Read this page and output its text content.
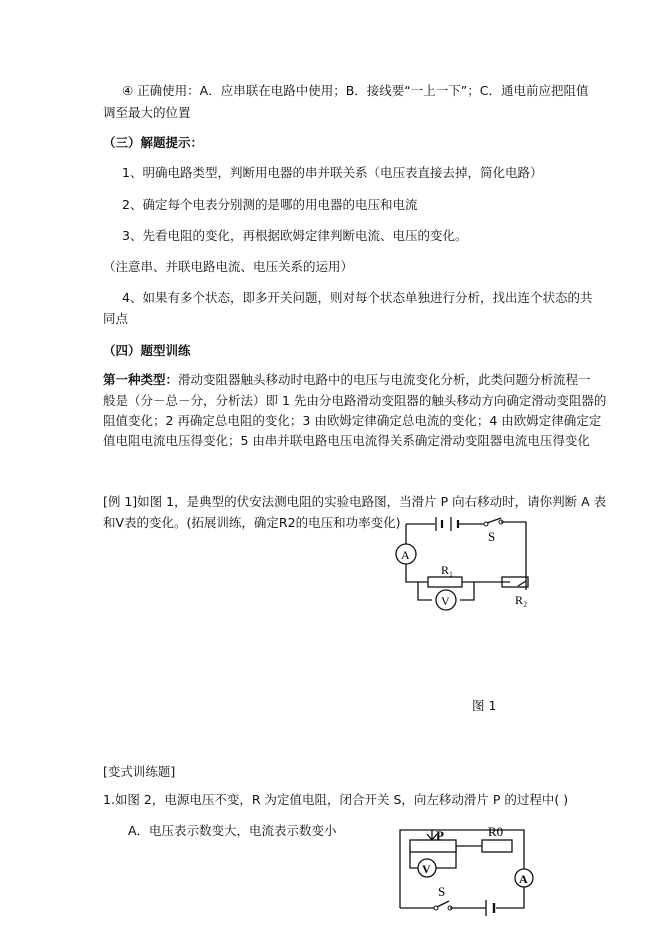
④ 正确使用：A．应串联在电路中使用；B．接线要“一上一下”；C．通电前应把阻值
调至最大的位置
（三）解题提示：
1、明确电路类型，判断用电器的串并联关系（电压表直接去掉，简化电路）
2、确定每个电表分别测的是哪的用电器的电压和电流
3、先看电阻的变化，再根据欧姆定律判断电流、电压的变化。
（注意串、并联电路电流、电压关系的运用）
4、如果有多个状态，即多开关问题，则对每个状态单独进行分析，找出连个状态的共
同点
（四）题型训练
第一种类型：滑动变阻器触头移动时电路中的电压与电流变化分析，此类问题分析流程一
般是（分－总－分，分析法）即 1 先由分电路滑动变阻器的触头移动方向确定滑动变阻器的
阻值变化；2 再确定总电阻的变化；3 由欧姆定律确定总电流的变化；4 由欧姆定律确定定
值电阻电流电压得变化；5 由串并联电路电压电流得关系确定滑动变阻器电流电压得变化
[例 1]如图 1，是典型的伏安法测电阻的实验电路图，当滑片 P 向右移动时，请你判断 A 表
和V表的变化。(拓展训练，确定R2的电压和功率变化)
S
A
R₁
V	R₂
图 1
[变式训练题]
1.如图 2，电源电压不变，R 为定值电阻，闭合开关 S，向左移动滑片 P 的过程中( )
A．电压表示数变大，电流表示数变小	P	R0
V
A
S
